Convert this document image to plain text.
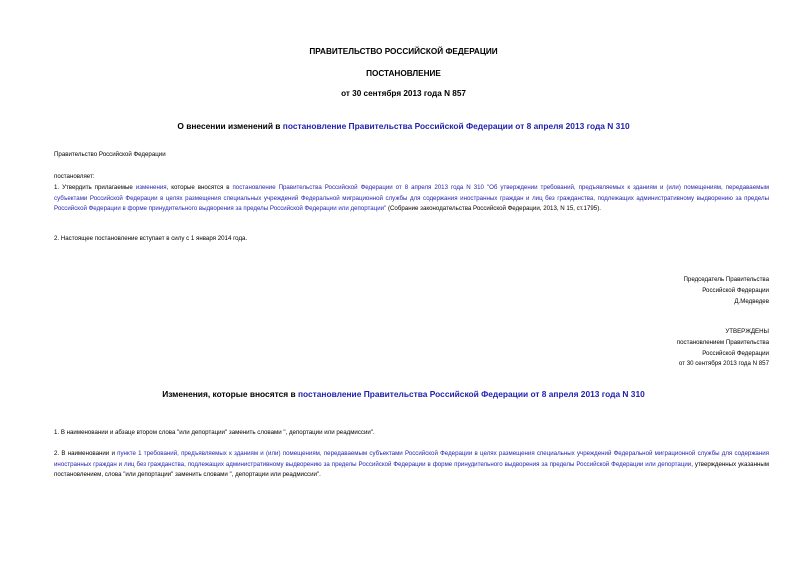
ПРАВИТЕЛЬСТВО РОССИЙСКОЙ ФЕДЕРАЦИИ
ПОСТАНОВЛЕНИЕ
от 30 сентября 2013 года N 857
О внесении изменений в постановление Правительства Российской Федерации от 8 апреля 2013 года N 310
Правительство Российской Федерации
постановляет:
1. Утвердить прилагаемые изменения, которые вносятся в постановление Правительства Российской Федерации от 8 апреля 2013 года N 310 "Об утверждении требований, предъявляемых к зданиям и (или) помещениям, передаваемым субъектами Российской Федерации в целях размещения специальных учреждений Федеральной миграционной службы для содержания иностранных граждан и лиц без гражданства, подлежащих административному выдворению за пределы Российской Федерации в форме принудительного выдворения за пределы Российской Федерации или депортации" (Собрание законодательства Российской Федерации, 2013, N 15, ст.1795).
2. Настоящее постановление вступает в силу с 1 января 2014 года.
Председатель Правительства
Российской Федерации
Д.Медведев
УТВЕРЖДЕНЫ
постановлением Правительства
Российской Федерации
от 30 сентября 2013 года N 857
Изменения, которые вносятся в постановление Правительства Российской Федерации от 8 апреля 2013 года N 310
1. В наименовании и абзаце втором слова "или депортации" заменить словами ", депортации или реадмиссии".
2. В наименовании и пункте 1 требований, предъявляемых к зданиям и (или) помещениям, передаваемым субъектами Российской Федерации в целях размещения специальных учреждений Федеральной миграционной службы для содержания иностранных граждан и лиц без гражданства, подлежащих административному выдворению за пределы Российской Федерации в форме принудительного выдворения за пределы Российской Федерации или депортации, утвержденных указанным постановлением, слова "или депортации" заменить словами ", депортации или реадмиссии".
